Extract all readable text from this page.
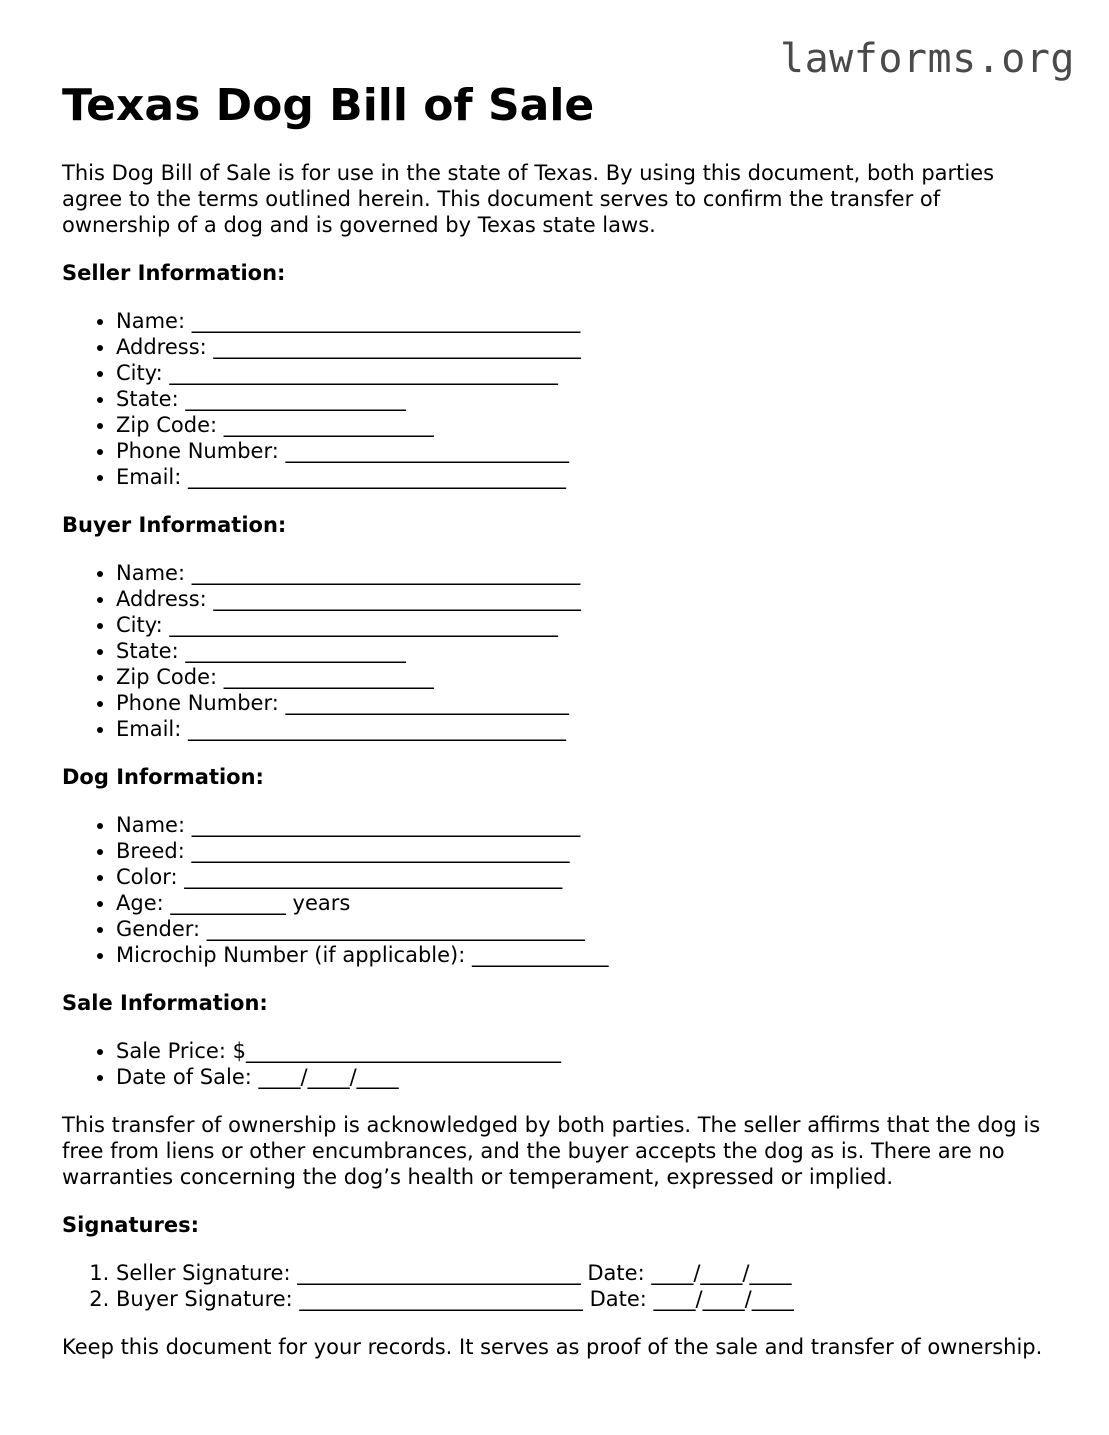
lawforms.org
Texas Dog Bill of Sale

This Dog Bill of Sale is for use in the state of Texas. By using this document, both parties agree to the terms outlined herein. This document serves to confirm the transfer of ownership of a dog and is governed by Texas state laws.

Seller Information:
• Name: _____________________________________
• Address: ___________________________________
• City: _____________________________________
• State: _____________________
• Zip Code: ____________________
• Phone Number: ___________________________
• Email: ____________________________________
Buyer Information:
• Name: _____________________________________
• Address: ___________________________________
• City: _____________________________________
• State: _____________________
• Zip Code: ____________________
• Phone Number: ___________________________
• Email: ____________________________________
Dog Information:
• Name: _____________________________________
• Breed: ____________________________________
• Color: ____________________________________
• Age: ___________ years
• Gender: ____________________________________
• Microchip Number (if applicable): _____________
Sale Information:
• Sale Price: $______________________________
• Date of Sale: ____/____/____

This transfer of ownership is acknowledged by both parties. The seller affirms that the dog is free from liens or other encumbrances, and the buyer accepts the dog as is. There are no warranties concerning the dog’s health or temperament, expressed or implied.

Signatures:
1. Seller Signature: ___________________________ Date: ____/____/____
2. Buyer Signature: ___________________________ Date: ____/____/____

Keep this document for your records. It serves as proof of the sale and transfer of ownership.
